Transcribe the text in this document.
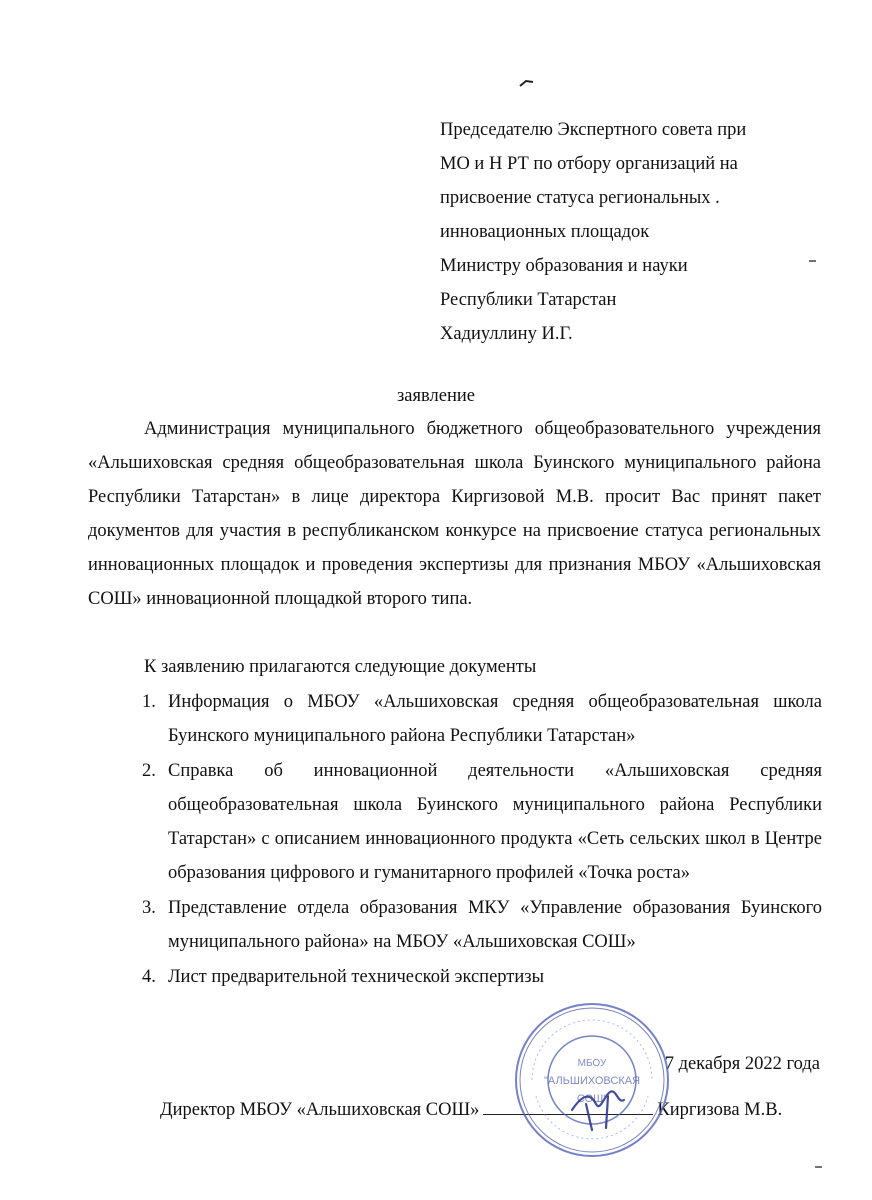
Председателю Экспертного совета при
МО и Н РТ по отбору организаций на
присвоение статуса региональных .
инновационных площадок
Министру образования и науки
Республики Татарстан
Хадиуллину И.Г.
заявление

Администрация муниципального бюджетного общеобразовательного учреждения «Альшиховская средняя общеобразовательная школа Буинского муниципального района Республики Татарстан» в лице директора Киргизовой М.В. просит Вас принят пакет документов для участия в республиканском конкурсе на присвоение статуса региональных инновационных площадок и проведения экспертизы для признания МБОУ «Альшиховская СОШ» инновационной площадкой второго типа.

К заявлению прилагаются следующие документы
1. Информация о МБОУ «Альшиховская средняя общеобразовательная школа Буинского муниципального района Республики Татарстан»
2. Справка об инновационной деятельности «Альшиховская средняя общеобразовательная школа Буинского муниципального района Республики Татарстан» с описанием инновационного продукта «Сеть сельских школ в Центре образования цифрового и гуманитарного профилей «Точка роста»
3. Представление отдела образования МКУ «Управление образования Буинского муниципального района» на МБОУ «Альшиховская СОШ»
4. Лист предварительной технической экспертизы
7 декабря 2022 года
Директор МБОУ «Альшиховская СОШ»	Киргизова М.В.
МБОУ
"АЛЬШИХОВСКАЯ
СОШ"
